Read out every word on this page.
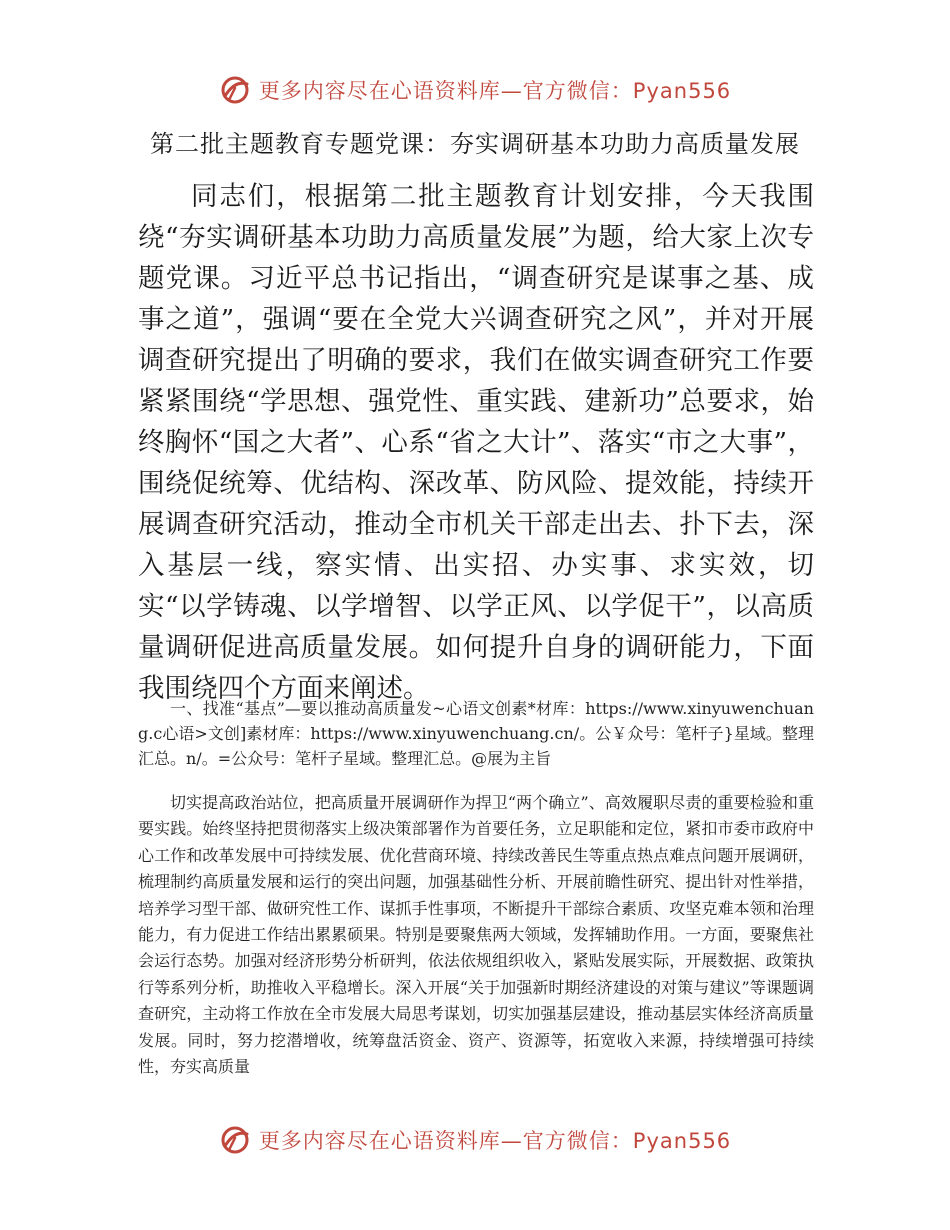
更多内容尽在心语资料库—官方微信：Pyan556
第二批主题教育专题党课：夯实调研基本功助力高质量发展

同志们，根据第二批主题教育计划安排，今天我围绕“夯实调研基本功助力高质量发展”为题，给大家上次专题党课。习近平总书记指出，“调查研究是谋事之基、成事之道”，强调“要在全党大兴调查研究之风”，并对开展调查研究提出了明确的要求，我们在做实调查研究工作要紧紧围绕“学思想、强党性、重实践、建新功”总要求，始终胸怀“国之大者”、心系“省之大计”、落实“市之大事”，围绕促统筹、优结构、深改革、防风险、提效能，持续开展调查研究活动，推动全市机关干部走出去、扑下去，深入基层一线，察实情、出实招、办实事、求实效，切实“以学铸魂、以学增智、以学正风、以学促干”，以高质量调研促进高质量发展。如何提升自身的调研能力，下面我围绕四个方面来阐述。

一、找准“基点”—要以推动高质量发~心语文创素*材库：https://www.xinyuwenchuang.c心语>文创]素材库：https://www.xinyuwenchuang.cn/。公￥众号：笔杆子}星域。整理汇总。n/。=公众号：笔杆子星域。整理汇总。@展为主旨

切实提高政治站位，把高质量开展调研作为捍卫“两个确立”、高效履职尽责的重要检验和重要实践。始终坚持把贯彻落实上级决策部署作为首要任务，立足职能和定位，紧扣市委市政府中心工作和改革发展中可持续发展、优化营商环境、持续改善民生等重点热点难点问题开展调研，梳理制约高质量发展和运行的突出问题，加强基础性分析、开展前瞻性研究、提出针对性举措，培养学习型干部、做研究性工作、谋抓手性事项，不断提升干部综合素质、攻坚克难本领和治理能力，有力促进工作结出累累硕果。特别是要聚焦两大领域，发挥辅助作用。一方面，要聚焦社会运行态势。加强对经济形势分析研判，依法依规组织收入，紧贴发展实际，开展数据、政策执行等系列分析，助推收入平稳增长。深入开展“关于加强新时期经济建设的对策与建议”等课题调查研究，主动将工作放在全市发展大局思考谋划，切实加强基层建设，推动基层实体经济高质量发展。同时，努力挖潜增收，统筹盘活资金、资产、资源等，拓宽收入来源，持续增强可持续性，夯实高质量

更多内容尽在心语资料库—官方微信：Pyan556
